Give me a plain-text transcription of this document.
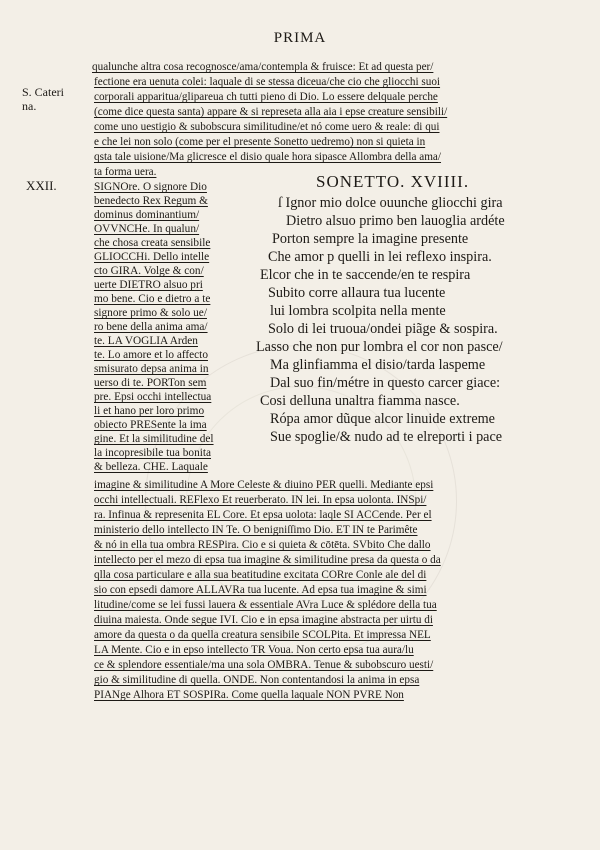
PRIMA
S. Cateri
na.
XXII.
qualunche altra cosa recognosce/ama/contempla & fruisce: Et ad questa per/
fectione era uenuta colei: laquale di se stessa diceua/che cio che gliocchi suoi
corporali apparitua/glipareua ch tutti pieno di Dio. Lo essere delquale perche
(come dice questa santa) appare & si represeta alla aia i epse creature sensibili/
come uno uestigio & subobscura similitudine/et nó come uero & reale: di qui
e che lei non solo (come per el presente Sonetto uedremo) non si quieta in
qsta tale uisione/Ma glicresce el disio quale hora sipasce Allombra della ama/
ta forma uera.
SIGNOre. O signore Dio
benedecto Rex Regum &
dominus dominantium/
OVVNCHe. In qualun/
che chosa creata sensibile
GLIOCCHi. Dello intelle
cto GIRA. Volge & con/
uerte DIETRO alsuo pri
mo bene. Cio e dietro a te
signore primo & solo ue/
ro bene della anima ama/
te. LA VOGLIA Arden
te. Lo amore et lo affecto
smisurato depsa anima in
uerso di te. PORTon sem
pre. Epsi occhi intellectua
li et hano per loro primo
obiecto PRESente la ima
gine. Et la similitudine del
la incopresibile tua bonita
& belleza. CHE. Laquale
SONETTO. XVIIII.
ſ Ignor mio dolce ouunche gliocchi gira
Dietro alsuo primo ben lauoglia ardéte
Porton sempre la imagine presente
Che amor p quelli in lei reflexo inspira.
Elcor che in te saccende/en te respira
Subito corre allaura tua lucente
lui lombra scolpita nella mente
Solo di lei truoua/ondei piãge & sospira.
Lasso che non pur lombra el cor non pasce/
Ma glinfiamma el disio/tarda laspeme
Dal suo fin/métre in questo carcer giace:
Cosi delluna unaltra fiamma nasce.
Rópa amor dũque alcor linuide extreme
Sue spoglie/& nudo ad te elreporti i pace
imagine & similitudine A More Celeste & diuino PER quelli. Mediante epsi
occhi intellectuali. REFlexo Et reuerberato. IN lei. In epsa uolonta. INSpi/
ra. Infinua & represenita EL Core. Et epsa uolota: laqle SI ACCende. Per el
ministerio dello intellecto IN Te. O benigniſſimo Dio. ET IN te Parimête
& nó in ella tua ombra RESPira. Cio e si quieta & cōtēta. SVbito Che dallo
intellecto per el mezo di epsa tua imagine & similitudine presa da questa o da
qlla cosa particulare e alla sua beatitudine excitata CORre Conle ale del di
sio con epsedi damore ALLAVRa tua lucente. Ad epsa tua imagine & simi
litudine/come se lei fussi lauera & essentiale AVra Luce & splédore della tua
diuina maiesta. Onde segue IVI. Cio e in epsa imagine abstracta per uirtu di
amore da questa o da quella creatura sensibile SCOLPita. Et impressa NEL
LA Mente. Cio e in epso intellecto TR Voua. Non certo epsa tua aura/lu
ce & splendore essentiale/ma una sola OMBRA. Tenue & subobscuro uesti/
gio & similitudine di quella. ONDE. Non contentandosi la anima in epsa
PIANge Alhora ET SOSPIRa. Come quella laquale NON PVRE Non
